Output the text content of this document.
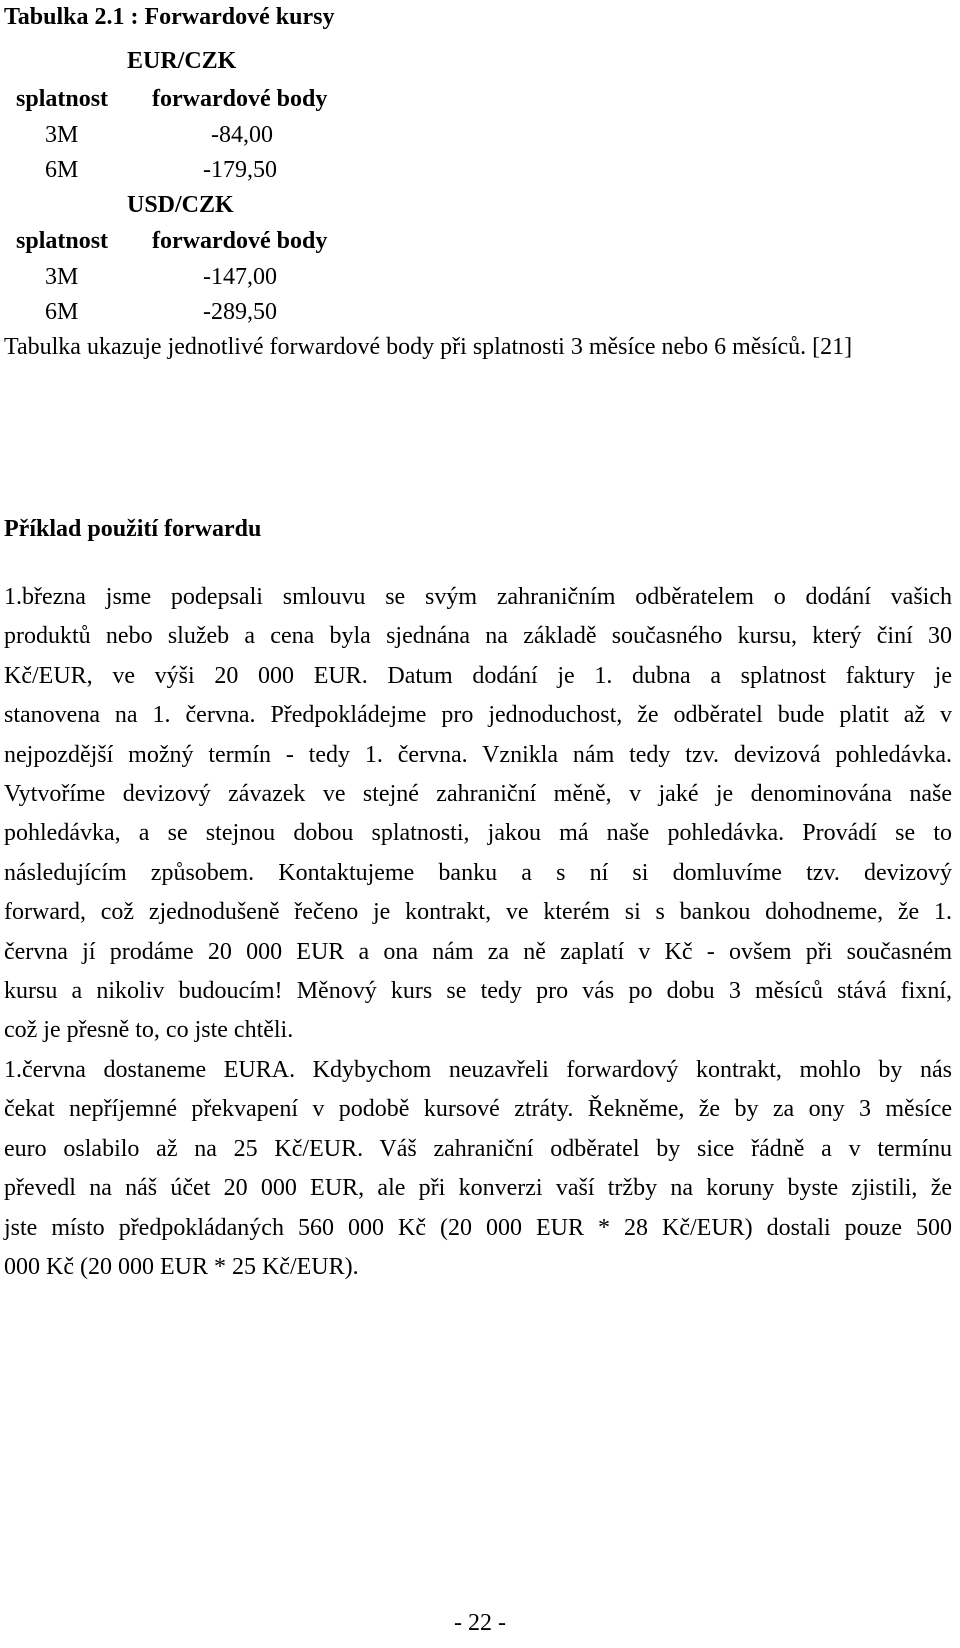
Tabulka 2.1 : Forwardové kursy
EUR/CZK
splatnost forwardové body
3M	-84,00
6M	-179,50
USD/CZK
splatnost forwardové body
3M	-147,00
6M	-289,50
Tabulka ukazuje jednotlivé forwardové body při splatnosti 3 měsíce nebo 6 měsíců. [21]
Příklad použití forwardu
1.března jsme podepsali smlouvu se svým zahraničním odběratelem o dodání vašich
produktů nebo služeb a cena byla sjednána na základě současného kursu, který činí 30
Kč/EUR, ve výši 20 000 EUR. Datum dodání je 1. dubna a splatnost faktury je
stanovena na 1. června. Předpokládejme pro jednoduchost, že odběratel bude platit až v
nejpozdější možný termín - tedy 1. června. Vznikla nám tedy tzv. devizová pohledávka.
Vytvoříme devizový závazek ve stejné zahraniční měně, v jaké je denominována naše
pohledávka, a se stejnou dobou splatnosti, jakou má naše pohledávka. Provádí se to
následujícím způsobem. Kontaktujeme banku a s ní si domluvíme tzv. devizový
forward, což zjednodušeně řečeno je kontrakt, ve kterém si s bankou dohodneme, že 1.
června jí prodáme 20 000 EUR a ona nám za ně zaplatí v Kč - ovšem při současném
kursu a nikoliv budoucím! Měnový kurs se tedy pro vás po dobu 3 měsíců stává fixní,
což je přesně to, co jste chtěli.
1.června dostaneme EURA. Kdybychom neuzavřeli forwardový kontrakt, mohlo by nás
čekat nepříjemné překvapení v podobě kursové ztráty. Řekněme, že by za ony 3 měsíce
euro oslabilo až na 25 Kč/EUR. Váš zahraniční odběratel by sice řádně a v termínu
převedl na náš účet 20 000 EUR, ale při konverzi vaší tržby na koruny byste zjistili, že
jste místo předpokládaných 560 000 Kč (20 000 EUR * 28 Kč/EUR) dostali pouze 500
000 Kč (20 000 EUR * 25 Kč/EUR).
- 22 -
